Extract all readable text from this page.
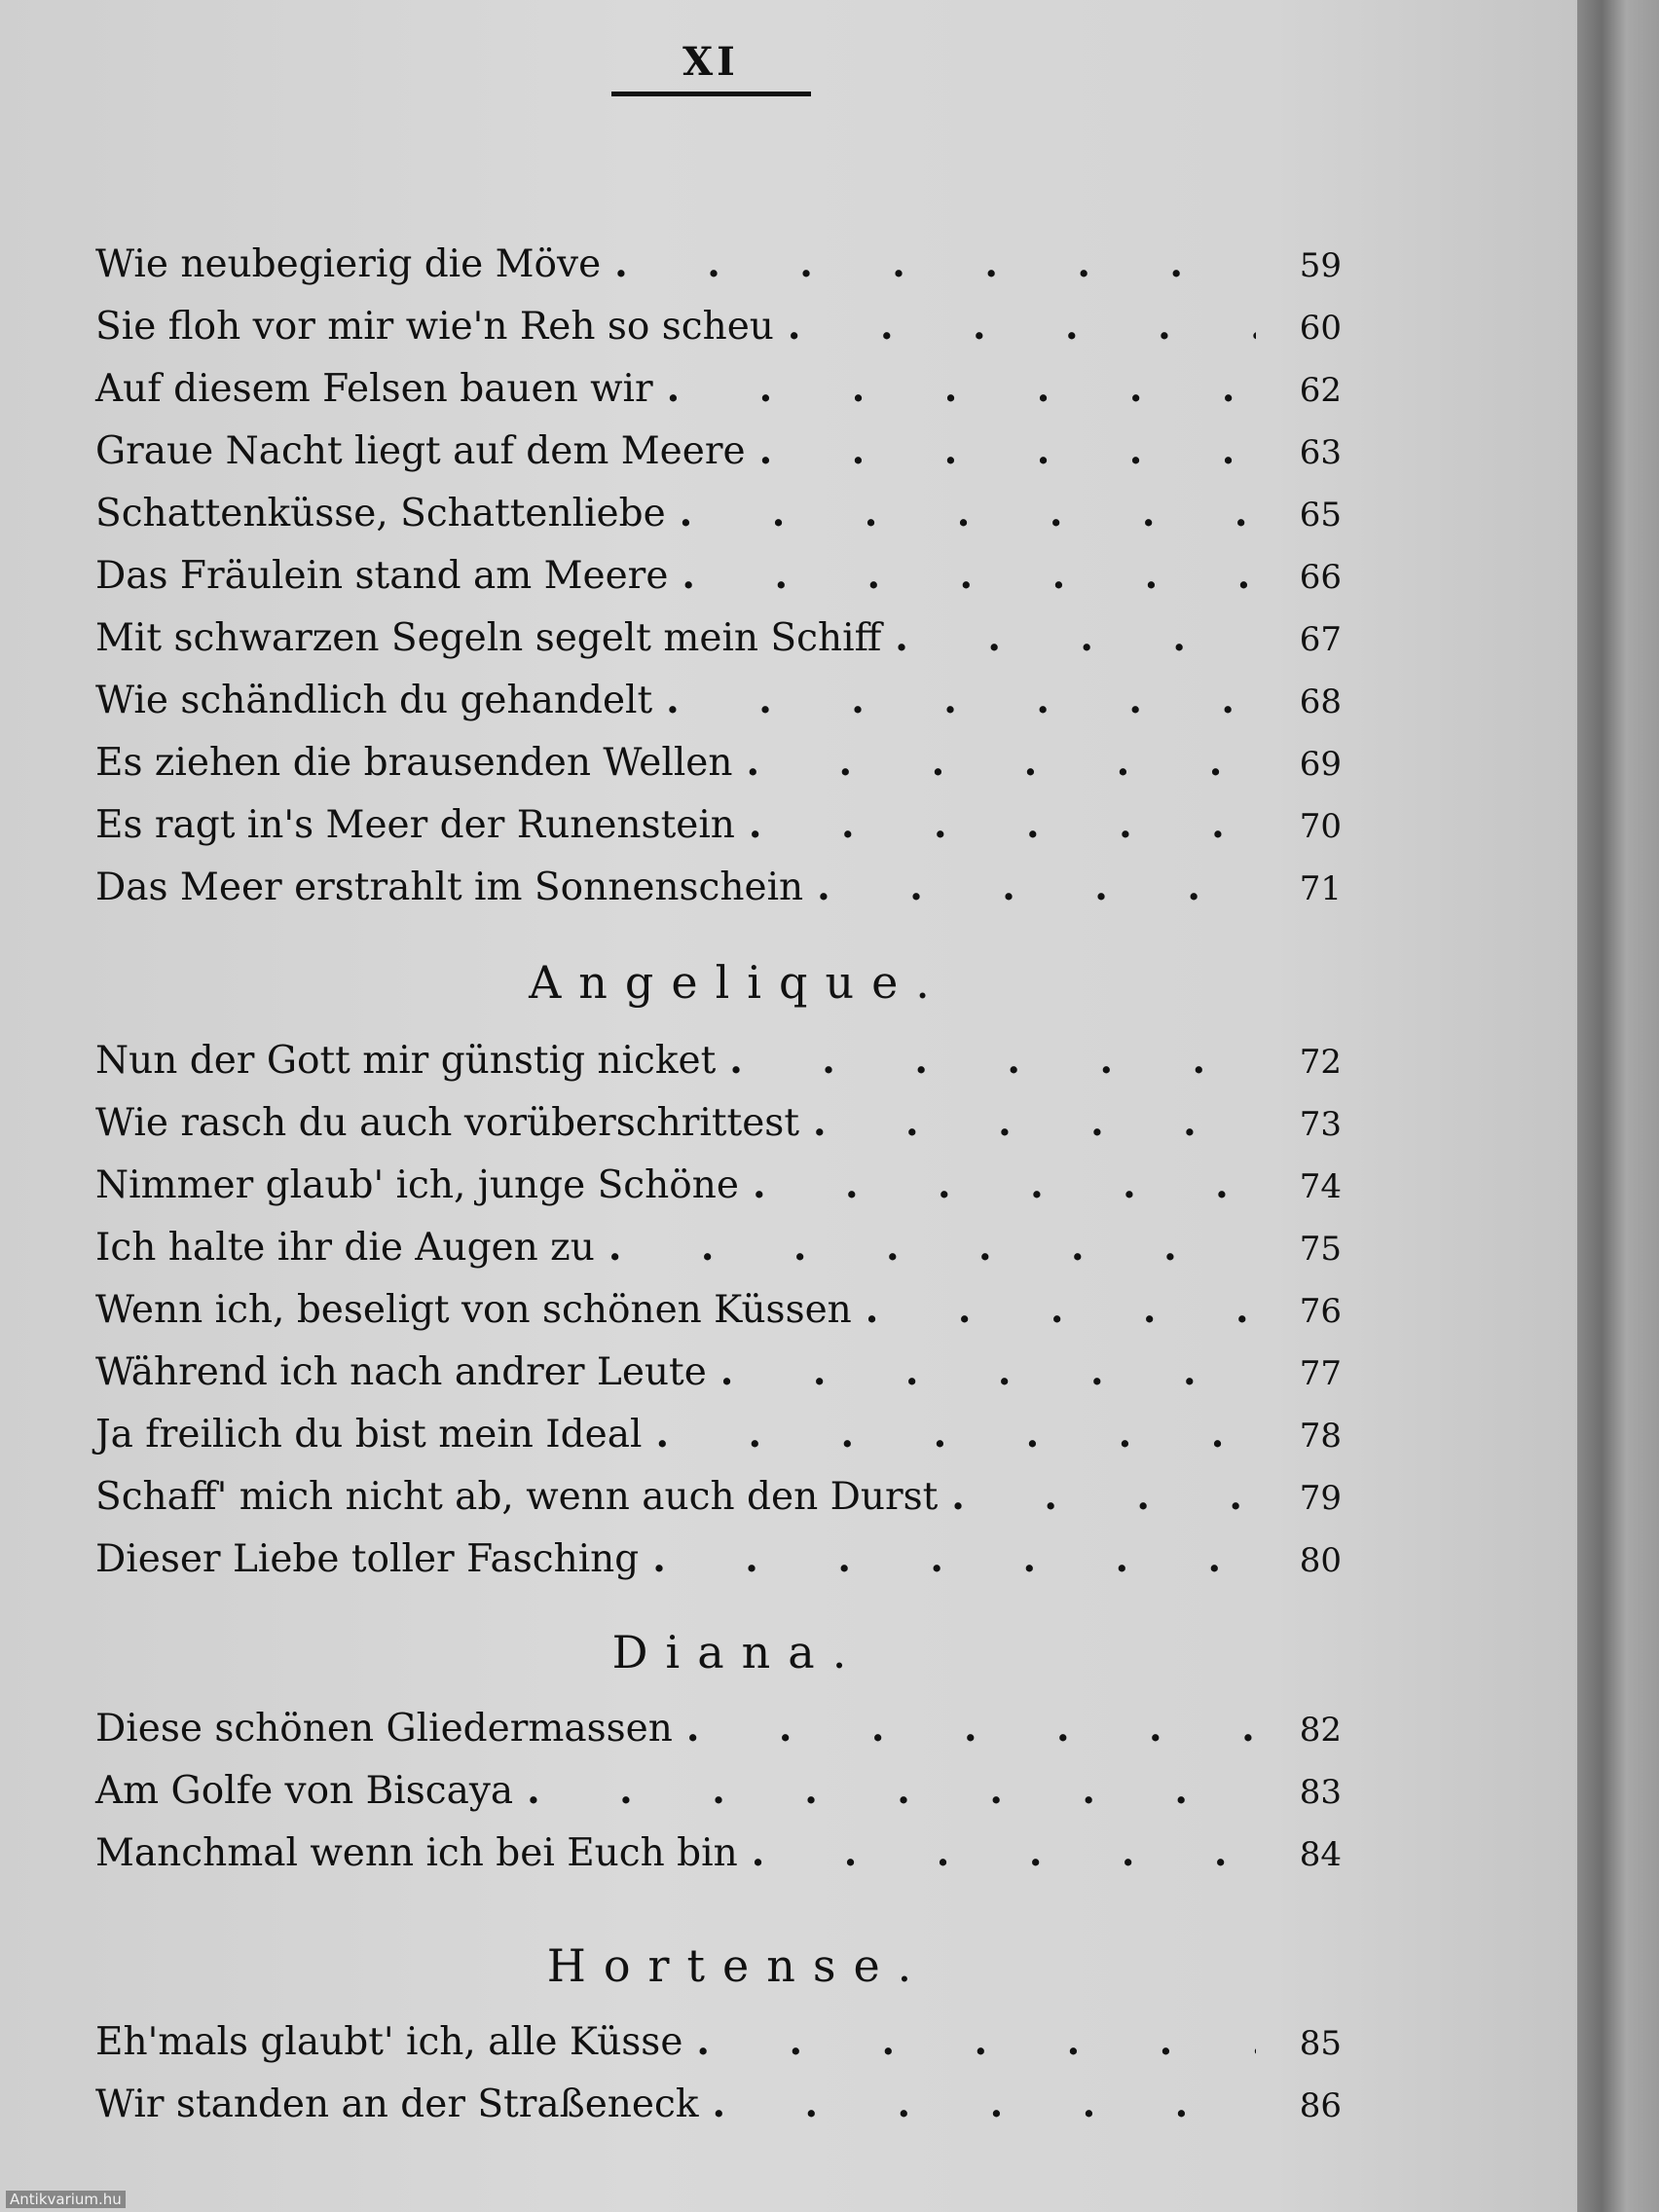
XI
Wie neubegierig die Möve .	59
Sie floh vor mir wie'n Reh so scheu .	60
Auf diesem Felsen bauen wir .	62
Graue Nacht liegt auf dem Meere .	63
Schattenküsse, Schattenliebe .	65
Das Fräulein stand am Meere .	66
Mit schwarzen Segeln segelt mein Schiff .	67
Wie schändlich du gehandelt .	68
Es ziehen die brausenden Wellen .	69
Es ragt in's Meer der Runenstein .	70
Das Meer erstrahlt im Sonnenschein .	71
Angelique.
Nun der Gott mir günstig nicket .	72
Wie rasch du auch vorüberschrittest .	73
Nimmer glaub' ich, junge Schöne .	74
Ich halte ihr die Augen zu .	75
Wenn ich, beseligt von schönen Küssen .	76
Während ich nach andrer Leute .	77
Ja freilich du bist mein Ideal .	78
Schaff' mich nicht ab, wenn auch den Durst .	79
Dieser Liebe toller Fasching .	80
Diana.
Diese schönen Gliedermassen .	82
Am Golfe von Biscaya .	83
Manchmal wenn ich bei Euch bin .	84
Hortense.
Eh'mals glaubt' ich, alle Küsse .	85
Wir standen an der Straßeneck .	86
Antikvarium.hu
